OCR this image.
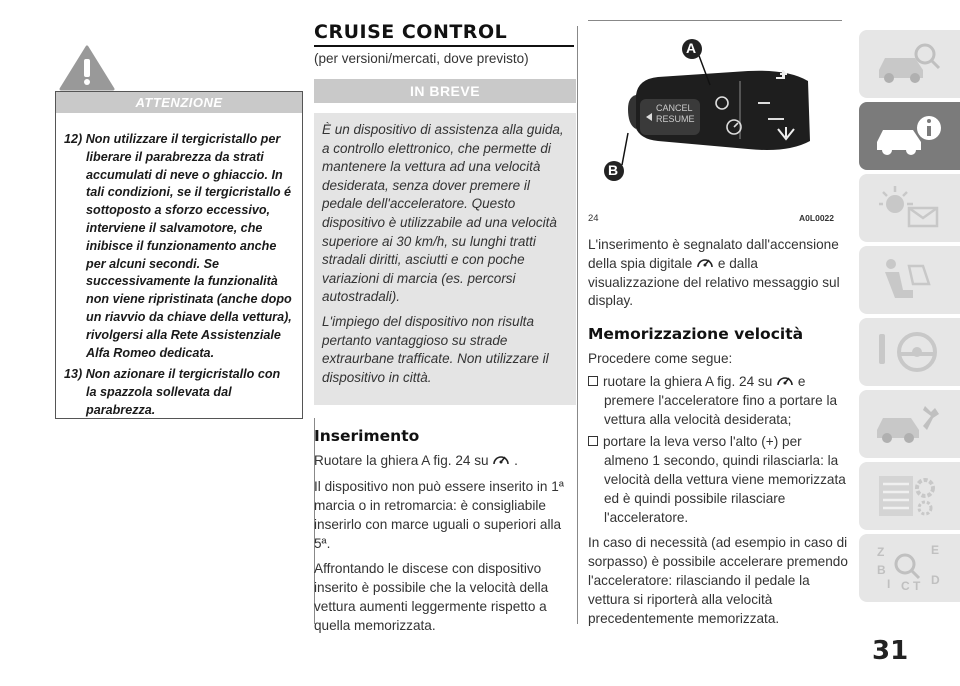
ATTENZIONE
12) Non utilizzare il tergicristallo per liberare il parabrezza da strati accumulati di neve o ghiaccio. In tali condizioni, se il tergicristallo é sottoposto a sforzo eccessivo, interviene il salvamotore, che inibisce il funzionamento anche per alcuni secondi. Se successivamente la funzionalità non viene ripristinata (anche dopo un riavvio da chiave della vettura), rivolgersi alla Rete Assistenziale Alfa Romeo dedicata.
13) Non azionare il tergicristallo con la spazzola sollevata dal parabrezza.
CRUISE CONTROL
(per versioni/mercati, dove previsto)
IN BREVE

È un dispositivo di assistenza alla guida, a controllo elettronico, che permette di mantenere la vettura ad una velocità desiderata, senza dover premere il pedale dell'acceleratore. Questo dispositivo è utilizzabile ad una velocità superiore ai 30 km/h, su lunghi tratti stradali diritti, asciutti e con poche variazioni di marcia (es. percorsi autostradali).

L'impiego del dispositivo non risulta pertanto vantaggioso su strade extraurbane trafficate. Non utilizzare il dispositivo in città.

Inserimento

Ruotare la ghiera A fig. 24 su .

Il dispositivo non può essere inserito in 1ª marcia o in retromarcia: è consigliabile inserirlo con marce uguali o superiori alla 5ª.

Affrontando le discese con dispositivo inserito è possibile che la velocità della vettura aumenti leggermente rispetto a quella memorizzata.

A
B
CANCEL
RESUME
24	A0L0022

L'inserimento è segnalato dall'accensione della spia digitale e dalla visualizzazione del relativo messaggio sul display.

Memorizzazione velocità

Procedere come segue:

ruotare la ghiera A fig. 24 su e premere l'acceleratore fino a portare la vettura alla velocità desiderata;

portare la leva verso l'alto (+) per almeno 1 secondo, quindi rilasciarla: la velocità della vettura viene memorizzata ed è quindi possibile rilasciare l'acceleratore.

In caso di necessità (ad esempio in caso di sorpasso) è possibile accelerare premendo l'acceleratore: rilasciando il pedale la vettura si riporterà alla velocità precedentemente memorizzata.

Z	E
B
I C T D
31
